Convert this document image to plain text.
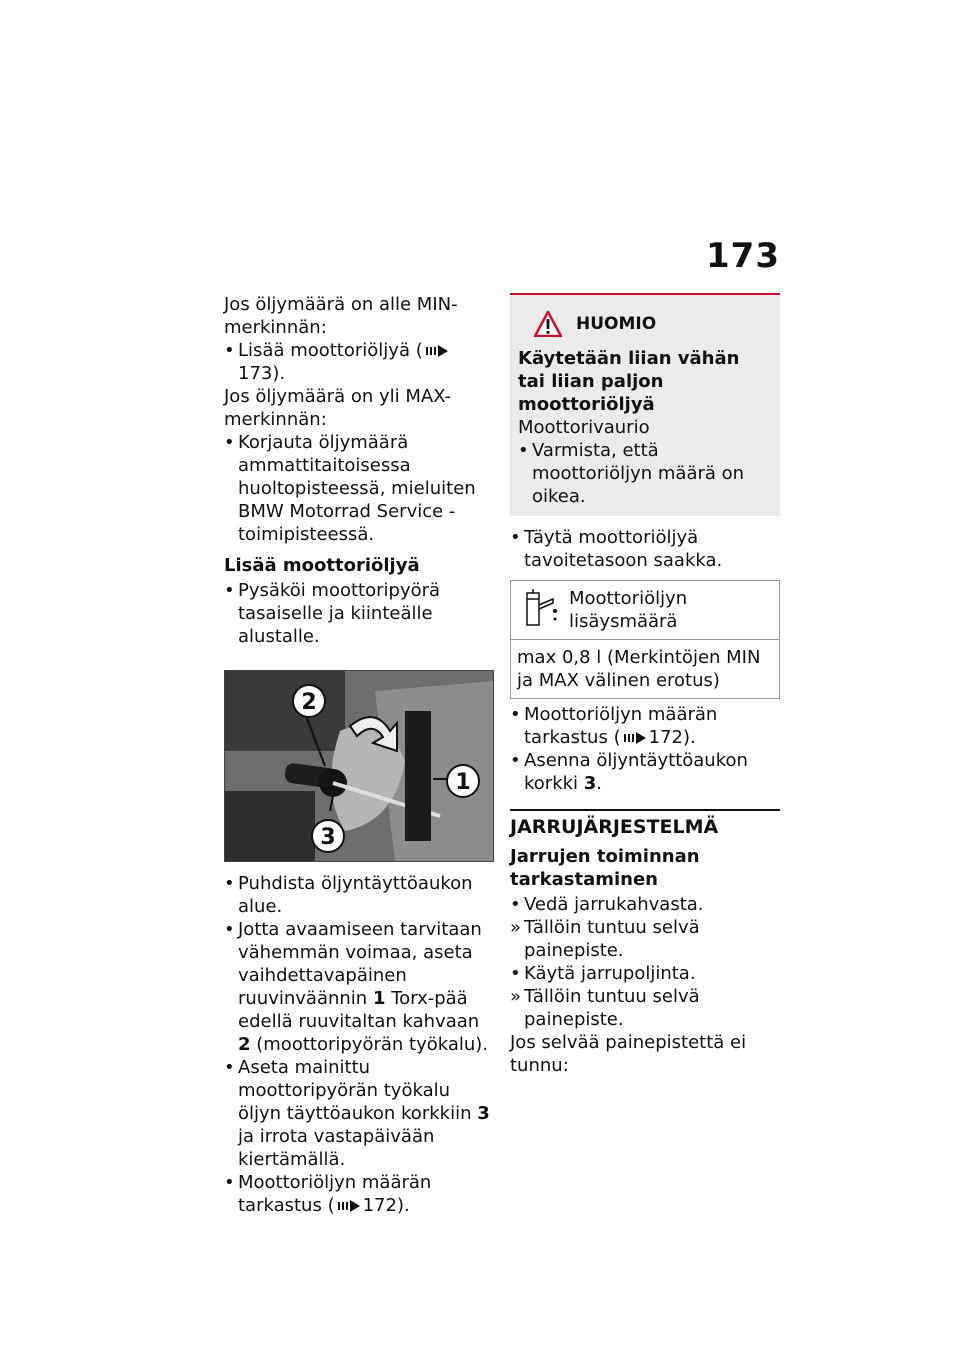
173

Jos öljymäärä on alle MIN-merkinnän:

• Lisää moottoriöljyä (173).

Jos öljymäärä on yli MAX-merkinnän:

• Korjauta öljymäärä ammattitaitoisessa huoltopisteessä, mieluiten BMW Motorrad Service -toimipisteessä.

Lisää moottoriöljyä

• Pysäköi moottoripyörä tasaiselle ja kiinteälle alustalle.

1
2
3

• Puhdista öljyntäyttöaukon alue.

• Jotta avaamiseen tarvitaan vähemmän voimaa, aseta vaihdettavapäinen ruuvinväännin 1 Torx-pää edellä ruuvitaltan kahvaan 2 (moottoripyörän työkalu).

• Aseta mainittu moottoripyörän työkalu öljyn täyttöaukon korkkiin 3 ja irrota vastapäivään kiertämällä.

• Moottoriöljyn määrän tarkastus ( 172).

HUOMIO

Käytetään liian vähän tai liian paljon moottoriöljyä

Moottorivaurio

• Varmista, että moottoriöljyn määrä on oikea.

• Täytä moottoriöljyä tavoitetasoon saakka.

Moottoriöljyn lisäysmäärä
max 0,8 l (Merkintöjen MIN ja MAX välinen erotus)

• Moottoriöljyn määrän tarkastus ( 172).

• Asenna öljyntäyttöaukon korkki 3.

JARRUJÄRJESTELMÄ
Jarrujen toiminnan tarkastaminen

• Vedä jarrukahvasta.

» Tällöin tuntuu selvä painepiste.

• Käytä jarrupoljinta.

» Tällöin tuntuu selvä painepiste.

Jos selvää painepistettä ei tunnu:
